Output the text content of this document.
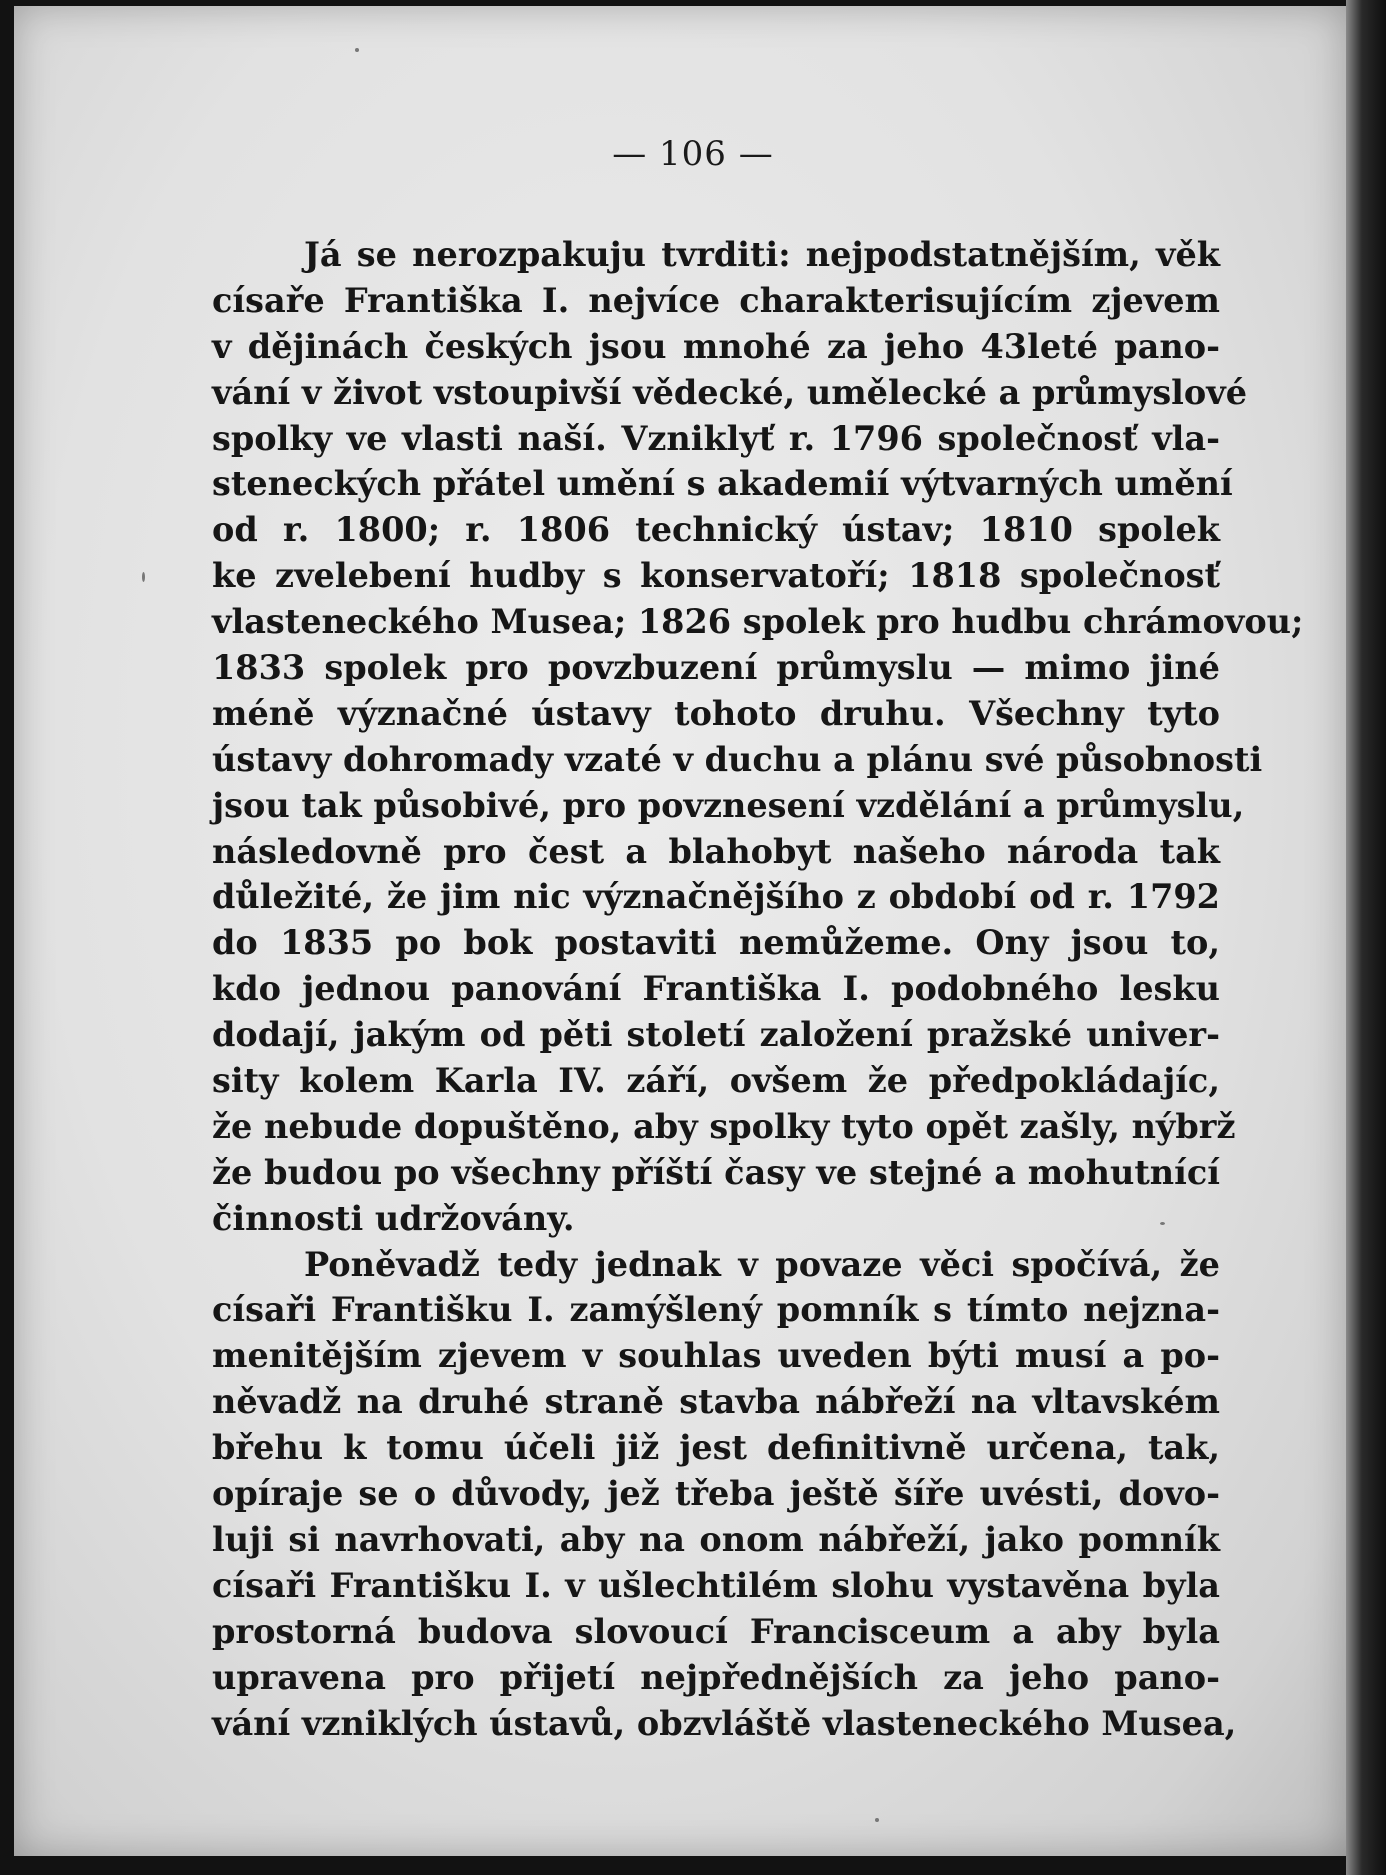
— 106 —
Já se nerozpakuju tvrditi: nejpodstatnějším, věk
císaře Františka I. nejvíce charakterisujícím zjevem
v dějinách českých jsou mnohé za jeho 43leté pano-
vání v život vstoupivší vědecké, umělecké a průmyslové
spolky ve vlasti naší. Vzniklyť r. 1796 společnosť vla-
steneckých přátel umění s akademií výtvarných umění
od r. 1800; r. 1806 technický ústav; 1810 spolek
ke zvelebení hudby s konservatoří; 1818 společnosť
vlasteneckého Musea; 1826 spolek pro hudbu chrámovou;
1833 spolek pro povzbuzení průmyslu — mimo jiné
méně význačné ústavy tohoto druhu. Všechny tyto
ústavy dohromady vzaté v duchu a plánu své působnosti
jsou tak působivé, pro povznesení vzdělání a průmyslu,
následovně pro čest a blahobyt našeho národa tak
důležité, že jim nic význačnějšího z období od r. 1792
do 1835 po bok postaviti nemůžeme. Ony jsou to,
kdo jednou panování Františka I. podobného lesku
dodají, jakým od pěti století založení pražské univer-
sity kolem Karla IV. září, ovšem že předpokládajíc,
že nebude dopuštěno, aby spolky tyto opět zašly, nýbrž
že budou po všechny příští časy ve stejné a mohutnící
činnosti udržovány.
Poněvadž tedy jednak v povaze věci spočívá, že
císaři Františku I. zamýšlený pomník s tímto nejzna-
menitějším zjevem v souhlas uveden býti musí a po-
něvadž na druhé straně stavba nábřeží na vltavském
břehu k tomu účeli již jest definitivně určena, tak,
opíraje se o důvody, jež třeba ještě šíře uvésti, dovo-
luji si navrhovati, aby na onom nábřeží, jako pomník
císaři Františku I. v ušlechtilém slohu vystavěna byla
prostorná budova slovoucí Franciscеum a aby byla
upravena pro přijetí nejpřednějších za jeho pano-
vání vzniklých ústavů, obzvláště vlasteneckého Musea,
